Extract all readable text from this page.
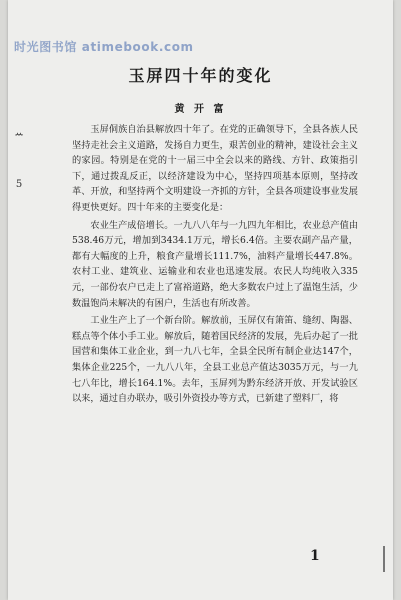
时光图书馆 atimebook.com
ꕀ
5
玉屏四十年的变化
黄 开 富

玉屏侗族自治县解放四十年了。在党的正确领导下，全县各族人民坚持走社会主义道路，发扬自力更生，艰苦创业的精神，建设社会主义的家园。特别是在党的十一届三中全会以来的路线、方针、政策指引下，通过拨乱反正，以经济建设为中心，坚持四项基本原则，坚持改革、开放，和坚持两个文明建设一齐抓的方针，全县各项建设事业发展得更快更好。四十年来的主要变化是：

农业生产成倍增长。一九八八年与一九四九年相比，农业总产值由538.46万元，增加到3434.1万元，增长6.4倍。主要农副产品产量，都有大幅度的上升，粮食产量增长111.7%，油料产量增长447.8%。农村工业、建筑业、运输业和农业也迅速发展。农民人均纯收入335元，一部份农户已走上了富裕道路，绝大多数农户过上了温饱生活，少数温饱尚未解决的有困户，生活也有所改善。

工业生产上了一个新台阶。解放前，玉屏仅有箫笛、缝纫、陶器、糕点等个体小手工业。解放后，随着国民经济的发展，先后办起了一批国营和集体工业企业，到一九八七年，全县全民所有制企业达147个，集体企业225个，一九八八年，全县工业总产值达3035万元，与一九七八年比，增长164.1%。去年，玉屏列为黔东经济开放、开发试验区以来，通过自办联办，吸引外资投办等方式，已新建了塑料厂，将

1
